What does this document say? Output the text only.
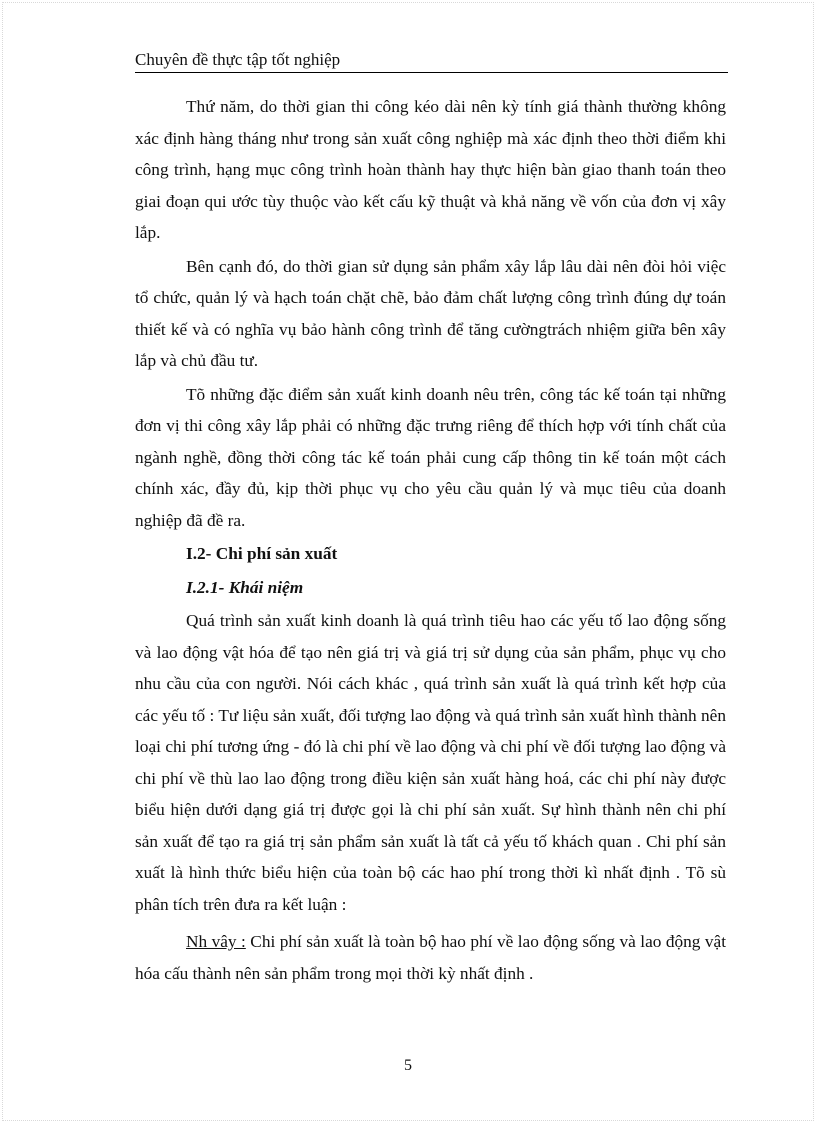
Chuyên đề thực tập tốt nghiệp

Thứ năm, do thời gian thi công kéo dài nên kỳ tính giá thành thường không xác định hàng tháng như trong sản xuất công nghiệp mà xác định theo thời điểm khi công trình, hạng mục công trình hoàn thành hay thực hiện bàn giao thanh toán theo giai đoạn qui ước tùy thuộc vào kết cấu kỹ thuật và khả năng về vốn của đơn vị xây lắp.

Bên cạnh đó, do thời gian sử dụng sản phẩm xây lắp lâu dài nên đòi hỏi việc tổ chức, quản lý và hạch toán chặt chẽ, bảo đảm chất lượng công trình đúng dự toán thiết kế và có nghĩa vụ bảo hành công trình để tăng cườngtrách nhiệm giữa bên xây lắp và chủ đầu tư.

Tõ những đặc điểm sản xuất kinh doanh nêu trên, công tác kế toán tại những đơn vị thi công xây lắp phải có những đặc trưng riêng để thích hợp với tính chất của ngành nghề, đồng thời công tác kế toán phải cung cấp thông tin kế toán một cách chính xác, đầy đủ, kịp thời phục vụ cho yêu cầu quản lý và mục tiêu của doanh nghiệp đã đề ra.

I.2- Chi phí sản xuất

I.2.1- Khái niệm

Quá trình sản xuất kinh doanh là quá trình tiêu hao các yếu tố lao động sống và lao động vật hóa để tạo nên giá trị và giá trị sử dụng của sản phẩm, phục vụ cho nhu cầu của con người. Nói cách khác , quá trình sản xuất là quá trình kết hợp của các yếu tố : Tư liệu sản xuất, đối tượng lao động và quá trình sản xuất hình thành nên loại chi phí tương ứng - đó là chi phí về lao động và chi phí về đối tượng lao động và chi phí về thù lao lao động trong điều kiện sản xuất hàng hoá, các chi phí này được biểu hiện dưới dạng giá trị được gọi là chi phí sản xuất. Sự hình thành nên chi phí sản xuất để tạo ra giá trị sản phẩm sản xuất là tất cả yếu tố khách quan . Chi phí sản xuất là hình thức biểu hiện của toàn bộ các hao phí trong thời kì nhất định . Tõ sù phân tích trên đưa ra kết luận :

Nh vây : Chi phí sản xuất là toàn bộ hao phí về lao động sống và lao động vật hóa cấu thành nên sản phẩm trong mọi thời kỳ nhất định .

5
